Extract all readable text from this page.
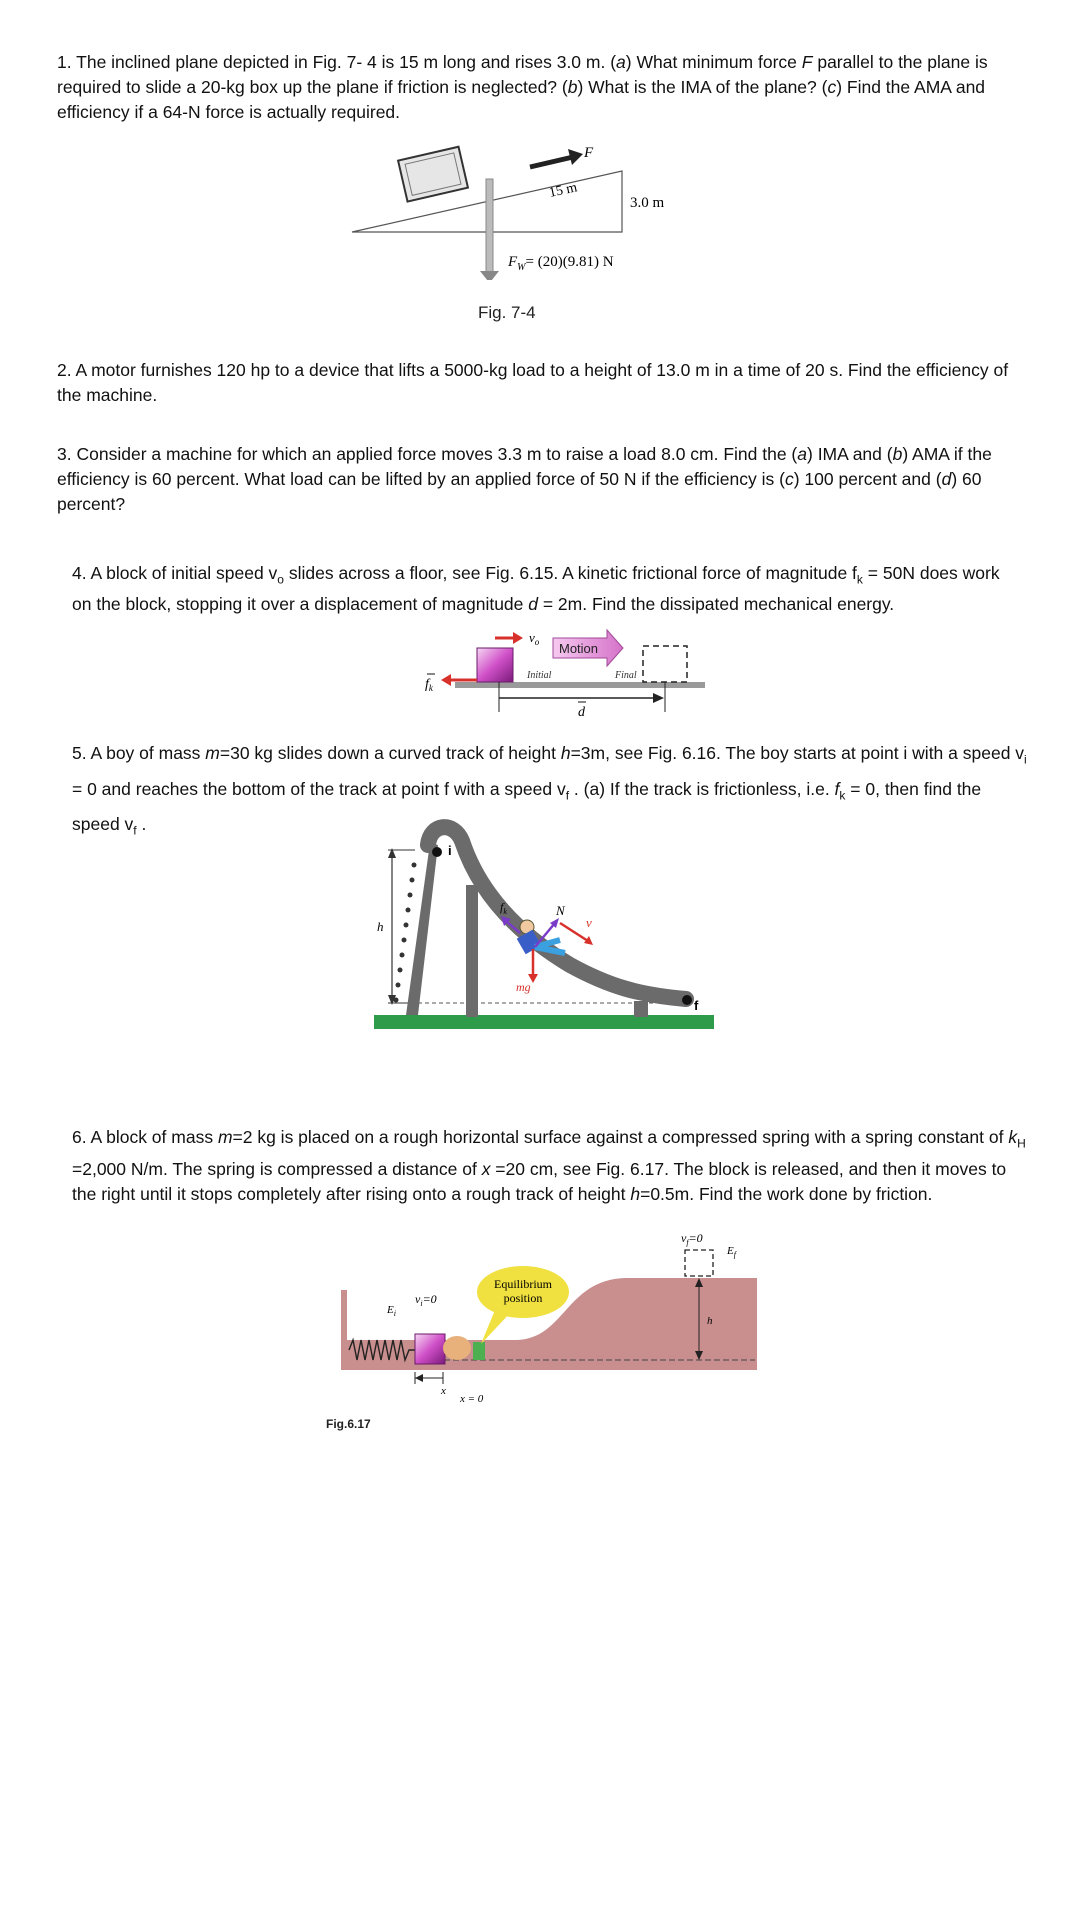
1. The inclined plane depicted in Fig. 7- 4 is 15 m long and rises 3.0 m. (a) What minimum force F parallel to the plane is required to slide a 20-kg box up the plane if friction is neglected? (b) What is the IMA of the plane? (c) Find the AMA and efficiency if a 64-N force is actually required.

F
15 m
3.0 m
$F_W= (20)(9.81)$ N
Fig. 7-4

2. A motor furnishes 120 hp to a device that lifts a 5000-kg load to a height of 13.0 m in a time of 20 s. Find the efficiency of the machine.

3. Consider a machine for which an applied force moves 3.3 m to raise a load 8.0 cm. Find the (a) IMA and (b) AMA if the efficiency is 60 percent. What load can be lifted by an applied force of 50 N if the efficiency is (c) 100 percent and (d) 60 percent?

4. A block of initial speed $v_o$ slides across a floor, see Fig. 6.15. A kinetic frictional force of magnitude $f_k = 50N$ does work on the block, stopping it over a displacement of magnitude d = 2m. Find the dissipated mechanical energy.

$f_k$
$v_o$ Motion
Initial	Final
d

5. A boy of mass m=30 kg slides down a curved track of height h=3m, see Fig. 6.16. The boy starts at point i with a speed $v_i = 0$ and reaches the bottom of the track at point f with a speed $v_f$ . (a) If the track is frictionless, i.e. $f_k = 0$, then find the speed $v_f$ .

h
i
f
N
$f_k$
v
mg

6. A block of mass m=2 kg is placed on a rough horizontal surface against a compressed spring with a spring constant of $k_H =2,000$ N/m. The spring is compressed a distance of x =20 cm, see Fig. 6.17. The block is released, and then it moves to the right until it stops completely after rising onto a rough track of height h=0.5m. Find the work done by friction.

$E_i$
$v_i=0$
Equilibrium
position
x
x = 0
$v_f=0$
$E_f$
h
Fig.6.17
